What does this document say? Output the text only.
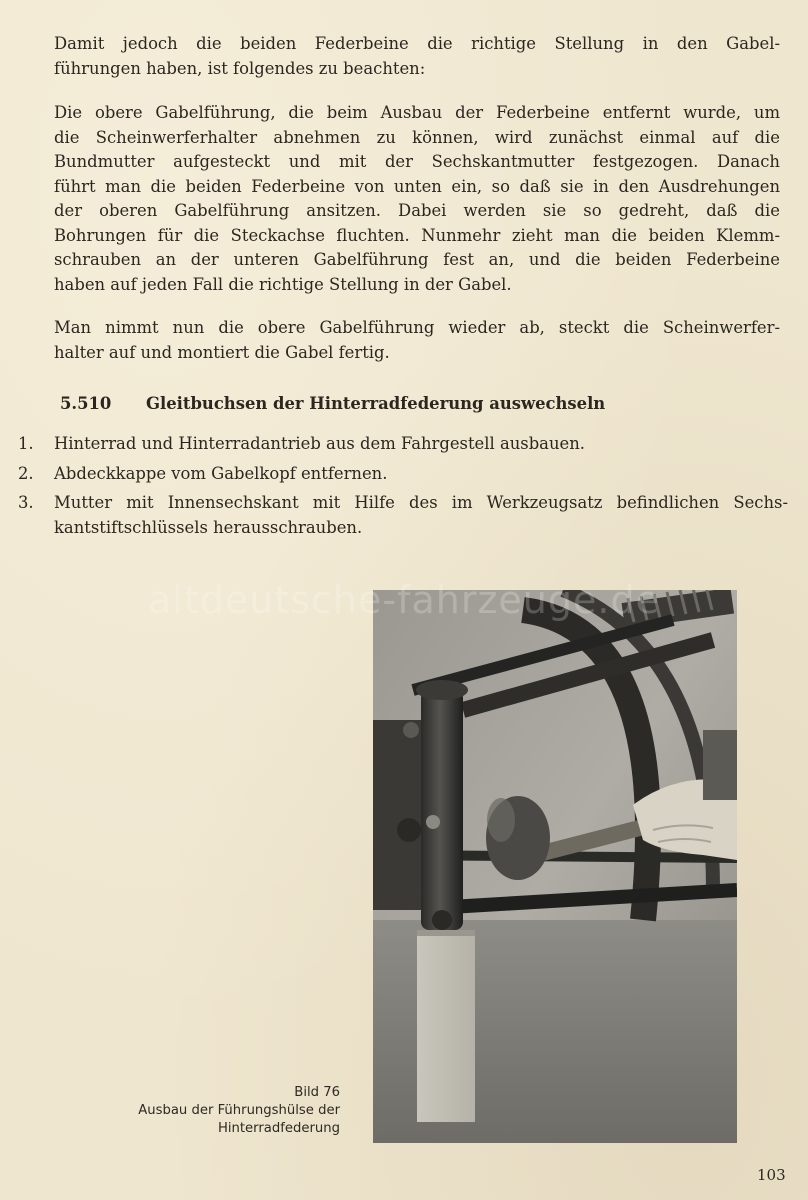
Damit jedoch die beiden Federbeine die richtige Stellung in den Gabel-
führungen haben, ist folgendes zu beachten:

Die obere Gabelführung, die beim Ausbau der Federbeine entfernt wurde, um
die Scheinwerferhalter abnehmen zu können, wird zunächst einmal auf die
Bundmutter aufgesteckt und mit der Sechskantmutter festgezogen. Danach
führt man die beiden Federbeine von unten ein, so daß sie in den Ausdrehungen
der oberen Gabelführung ansitzen. Dabei werden sie so gedreht, daß die
Bohrungen für die Steckachse fluchten. Nunmehr zieht man die beiden Klemm-
schrauben an der unteren Gabelführung fest an, und die beiden Federbeine
haben auf jeden Fall die richtige Stellung in der Gabel.

Man nimmt nun die obere Gabelführung wieder ab, steckt die Scheinwerfer-
halter auf und montiert die Gabel fertig.

5.510 Gleitbuchsen der Hinterradfederung auswechseln
1. Hinterrad und Hinterradantrieb aus dem Fahrgestell ausbauen.
2. Abdeckkappe vom Gabelkopf entfernen.
3. Mutter mit Innensechskant mit Hilfe des im Werkzeugsatz befindlichen Sechs-
kantstiftschlüssels herausschrauben.
altdeutsche-fahrzeuge.de
Bild 76
Ausbau der Führungshülse der
Hinterradfederung
103
